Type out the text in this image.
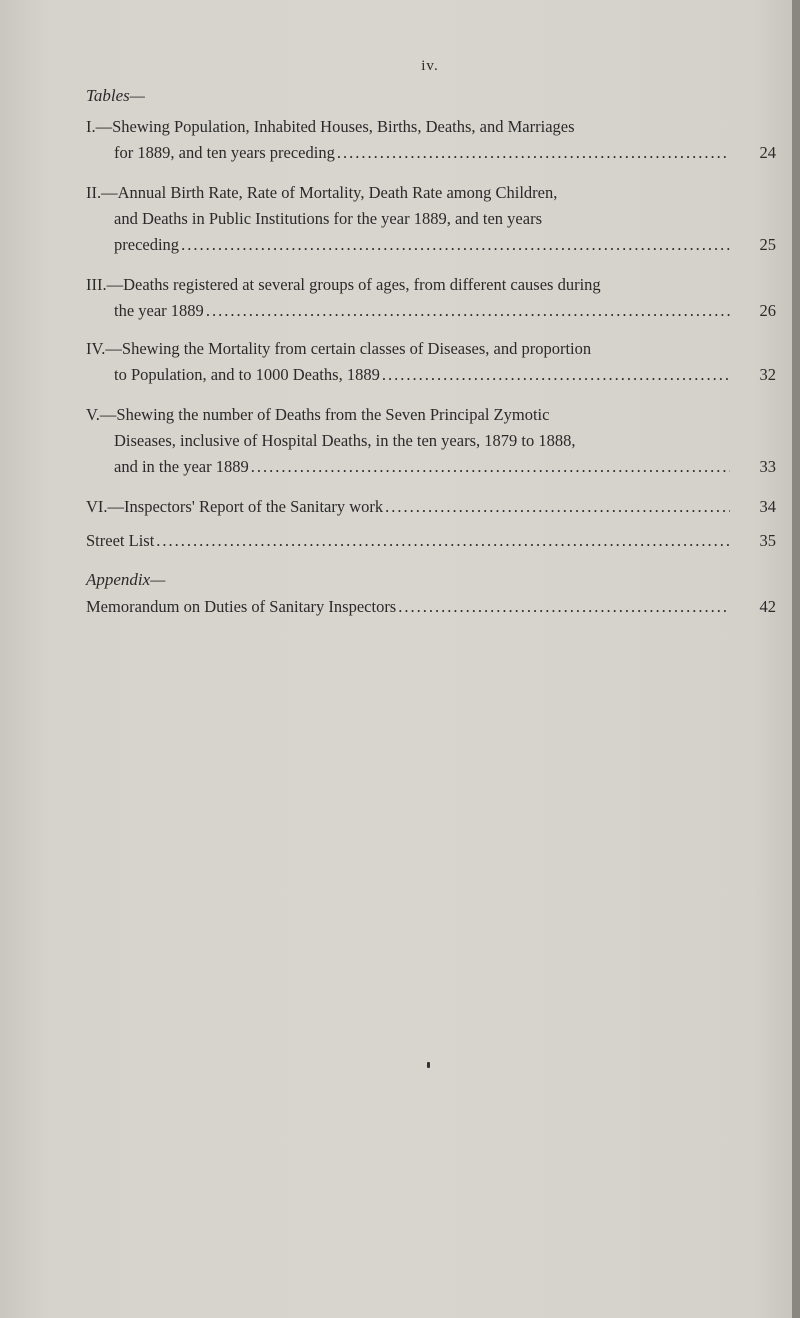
iv.
Tables—
I.—Shewing Population, Inhabited Houses, Births, Deaths, and Marriages
for 1889, and ten years preceding .....	24
II.—Annual Birth Rate, Rate of Mortality, Death Rate among Children,
and Deaths in Public Institutions for the year 1889, and ten years
preceding .....	25
III.—Deaths registered at several groups of ages, from different causes during
the year 1889 .....	26
IV.—Shewing the Mortality from certain classes of Diseases, and proportion
to Population, and to 1000 Deaths, 1889 .....	32
V.—Shewing the number of Deaths from the Seven Principal Zymotic
Diseases, inclusive of Hospital Deaths, in the ten years, 1879 to 1888,
and in the year 1889 .....	33
VI.—Inspectors' Report of the Sanitary work .....	34
Street List .....	35
Appendix—
Memorandum on Duties of Sanitary Inspectors .....	42
